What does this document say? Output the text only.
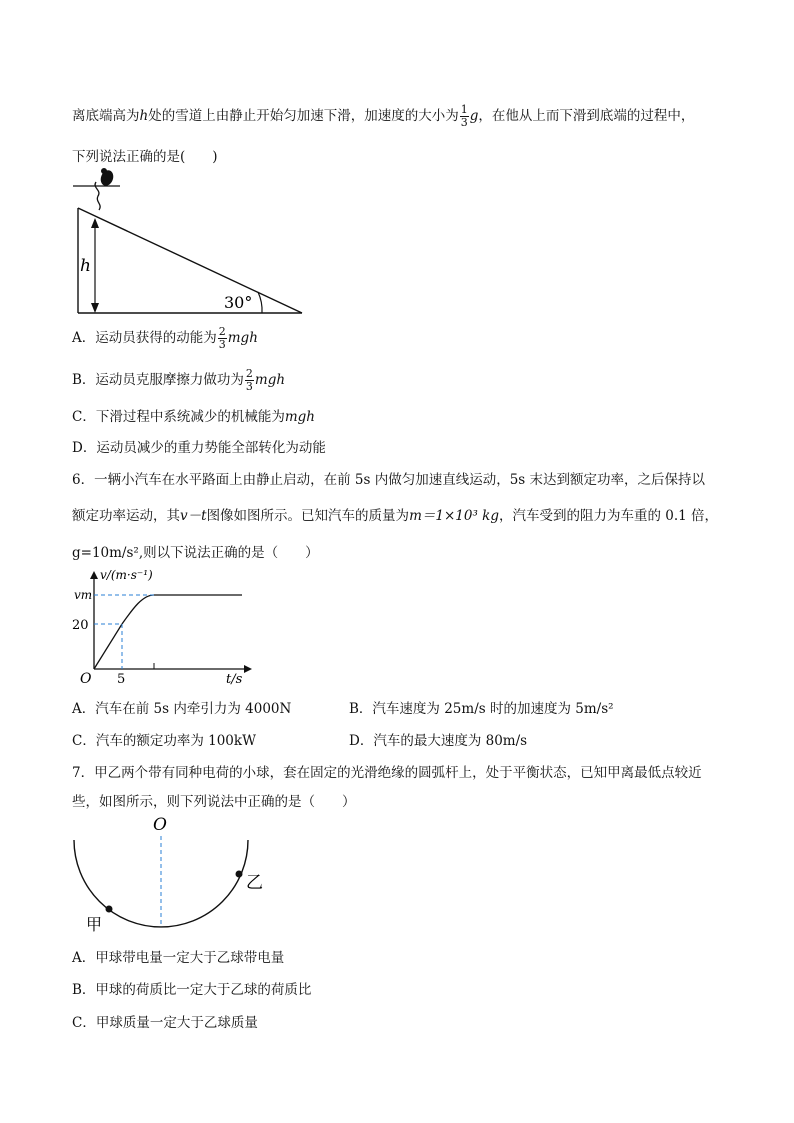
离底端高为h处的雪道上由静止开始匀加速下滑，加速度的大小为 $\frac{1}{3}$ g，在他从上而下滑到底端的过程中，
下列说法正确的是(　　)
h
30°
A．运动员获得的动能为 $\frac{2}{3}$ mgh
B．运动员克服摩擦力做功为 $\frac{2}{3}$ mgh
C．下滑过程中系统减少的机械能为mgh
D．运动员减少的重力势能全部转化为动能
6．一辆小汽车在水平路面上由静止启动，在前 5s 内做匀加速直线运动，5s 末达到额定功率，之后保持以
额定功率运动，其v－t图像如图所示。已知汽车的质量为m＝1×10³ kg，汽车受到的阻力为车重的 0.1 倍，
g=10m/s²,则以下说法正确的是（　　）
v/(m·s⁻¹)
vm
20
5
O	t/s
A．汽车在前 5s 内牵引力为 4000N	B．汽车速度为 25m/s 时的加速度为 5m/s²
C．汽车的额定功率为 100kW	D．汽车的最大速度为 80m/s
7．甲乙两个带有同种电荷的小球，套在固定的光滑绝缘的圆弧杆上，处于平衡状态，已知甲离最低点较近
些，如图所示，则下列说法中正确的是（　　）
O
甲
乙
A．甲球带电量一定大于乙球带电量
B．甲球的荷质比一定大于乙球的荷质比
C．甲球质量一定大于乙球质量
